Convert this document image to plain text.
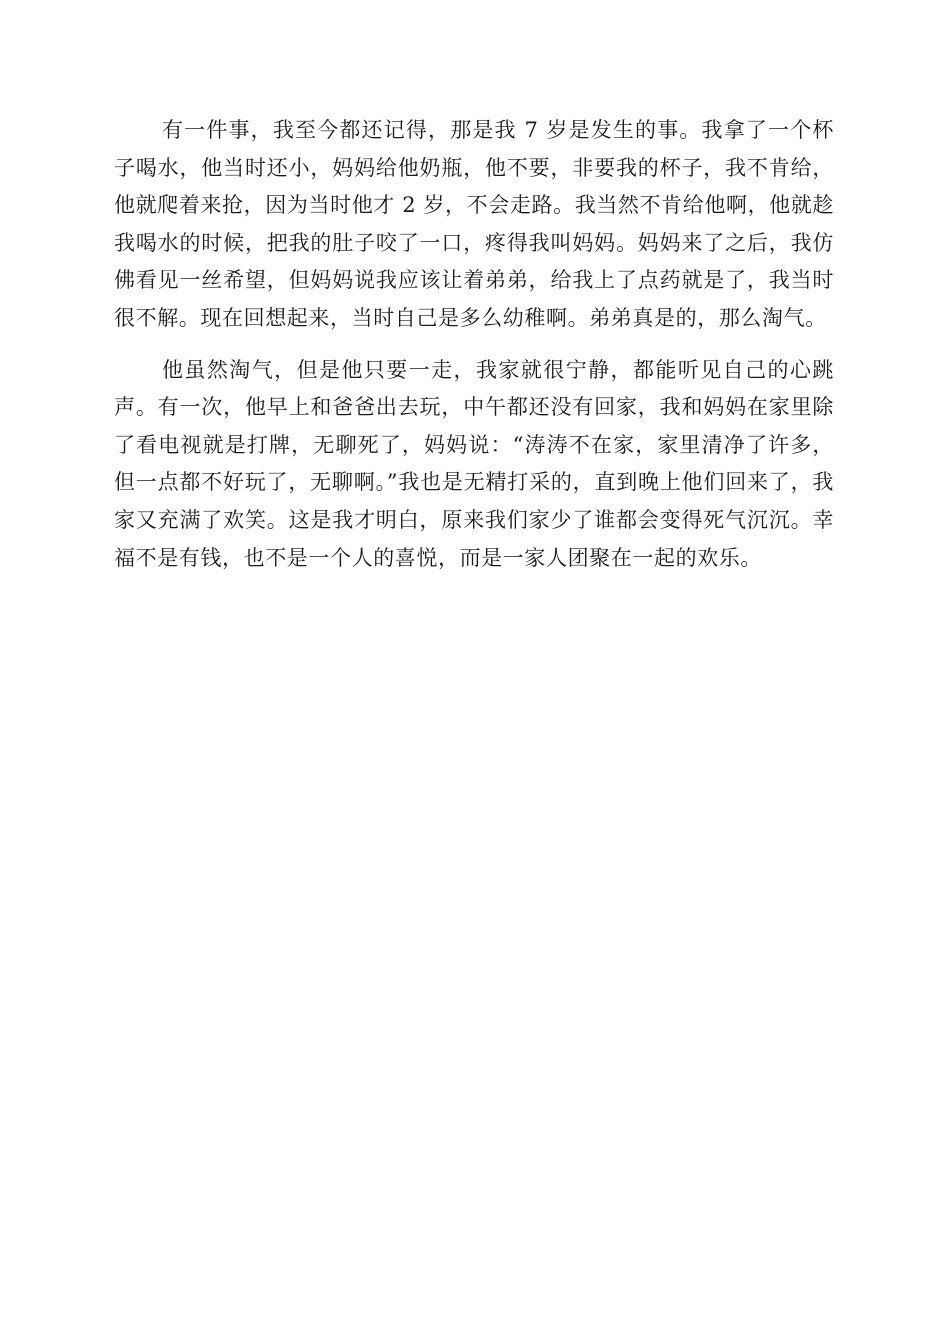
有一件事，我至今都还记得，那是我 7 岁是发生的事。我拿了一个杯子喝水，他当时还小，妈妈给他奶瓶，他不要，非要我的杯子，我不肯给，他就爬着来抢，因为当时他才 2 岁，不会走路。我当然不肯给他啊，他就趁我喝水的时候，把我的肚子咬了一口，疼得我叫妈妈。妈妈来了之后，我仿佛看见一丝希望，但妈妈说我应该让着弟弟，给我上了点药就是了，我当时很不解。现在回想起来，当时自己是多么幼稚啊。弟弟真是的，那么淘气。

他虽然淘气，但是他只要一走，我家就很宁静，都能听见自己的心跳声。有一次，他早上和爸爸出去玩，中午都还没有回家，我和妈妈在家里除了看电视就是打牌，无聊死了，妈妈说：“涛涛不在家，家里清净了许多，但一点都不好玩了，无聊啊。”我也是无精打采的，直到晚上他们回来了，我家又充满了欢笑。这是我才明白，原来我们家少了谁都会变得死气沉沉。幸福不是有钱，也不是一个人的喜悦，而是一家人团聚在一起的欢乐。
